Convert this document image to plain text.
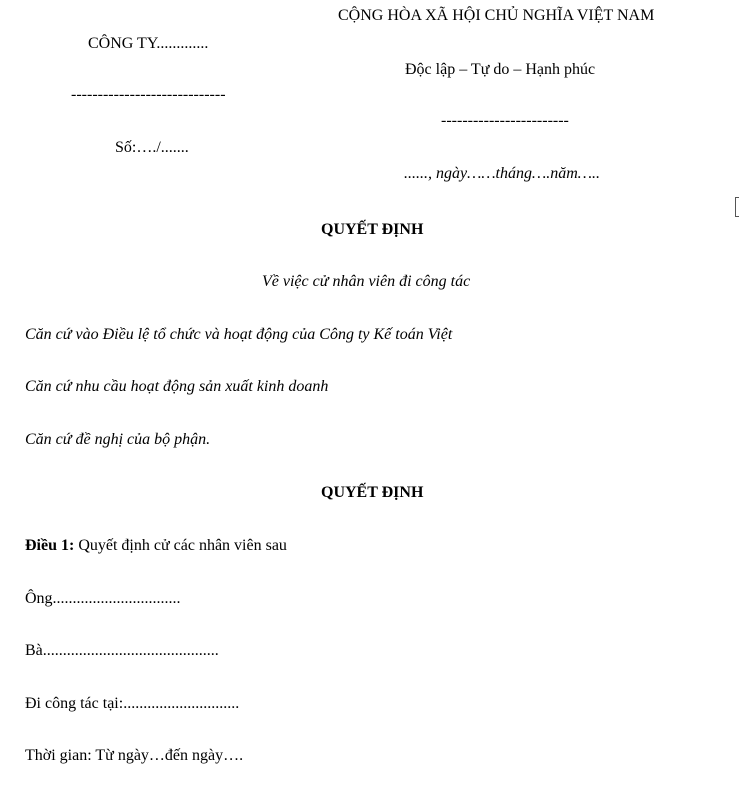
CỘNG HÒA XÃ HỘI CHỦ NGHĨA VIỆT NAM
CÔNG TY.............
Độc lập – Tự do – Hạnh phúc
-----------------------------
------------------------
Số:…./.......
......, ngày……tháng….năm…..
QUYẾT ĐỊNH
Về việc cử nhân viên đi công tác
Căn cứ vào Điều lệ tổ chức và hoạt động của Công ty Kế toán Việt
Căn cứ nhu cầu hoạt động sản xuất kinh doanh
Căn cứ đề nghị của bộ phận.
QUYẾT ĐỊNH
Điều 1: Quyết định cử các nhân viên sau
Ông................................
Bà............................................
Đi công tác tại:.............................
Thời gian: Từ ngày…đến ngày….
